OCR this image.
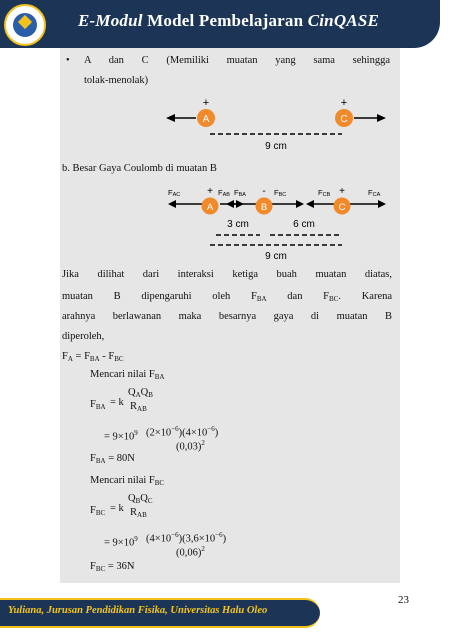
E-Modul Model Pembelajaran CinQASE
• A dan C (Memiliki muatan yang sama sehingga
tolak-menolak)
+	+
A	C
9 cm
b. Besar Gaya Coulomb di muatan B
FAC	FAB FBA	FBC	FCB	FCA
+	-	+
A	B	C
3 cm	6 cm
9 cm
Jika dilihat dari interaksi ketiga buah muatan diatas,
muatan B dipengaruhi oleh $F_{BA}$ dan $F_{BC}$. Karena
arahnya berlawanan maka besarnya gaya di muatan B
diperoleh,
$F_A = F_{BA} - F_{BC}$
Mencari nilai $F_{BA}$
$F_{BA} = k$
$Q_AQ_B$
$R_{AB}$
= $9\times 10^9$ $(2\times 10^{-6})(4\times 10^{-6})$
$(0,03)^2$
$F_{BA} = 80N$
Mencari nilai $F_{BC}$
$F_{BC} = k$
$Q_BQ_C$
$R_{AB}$
= $9\times 10^9$ $(4\times 10^{-6})(3,6\times 10^{-6})$
$(0,06)^2$
$F_{BC} = 36N$
Yuliana, Jurusan Pendidikan Fisika, Universitas Halu Oleo
23
